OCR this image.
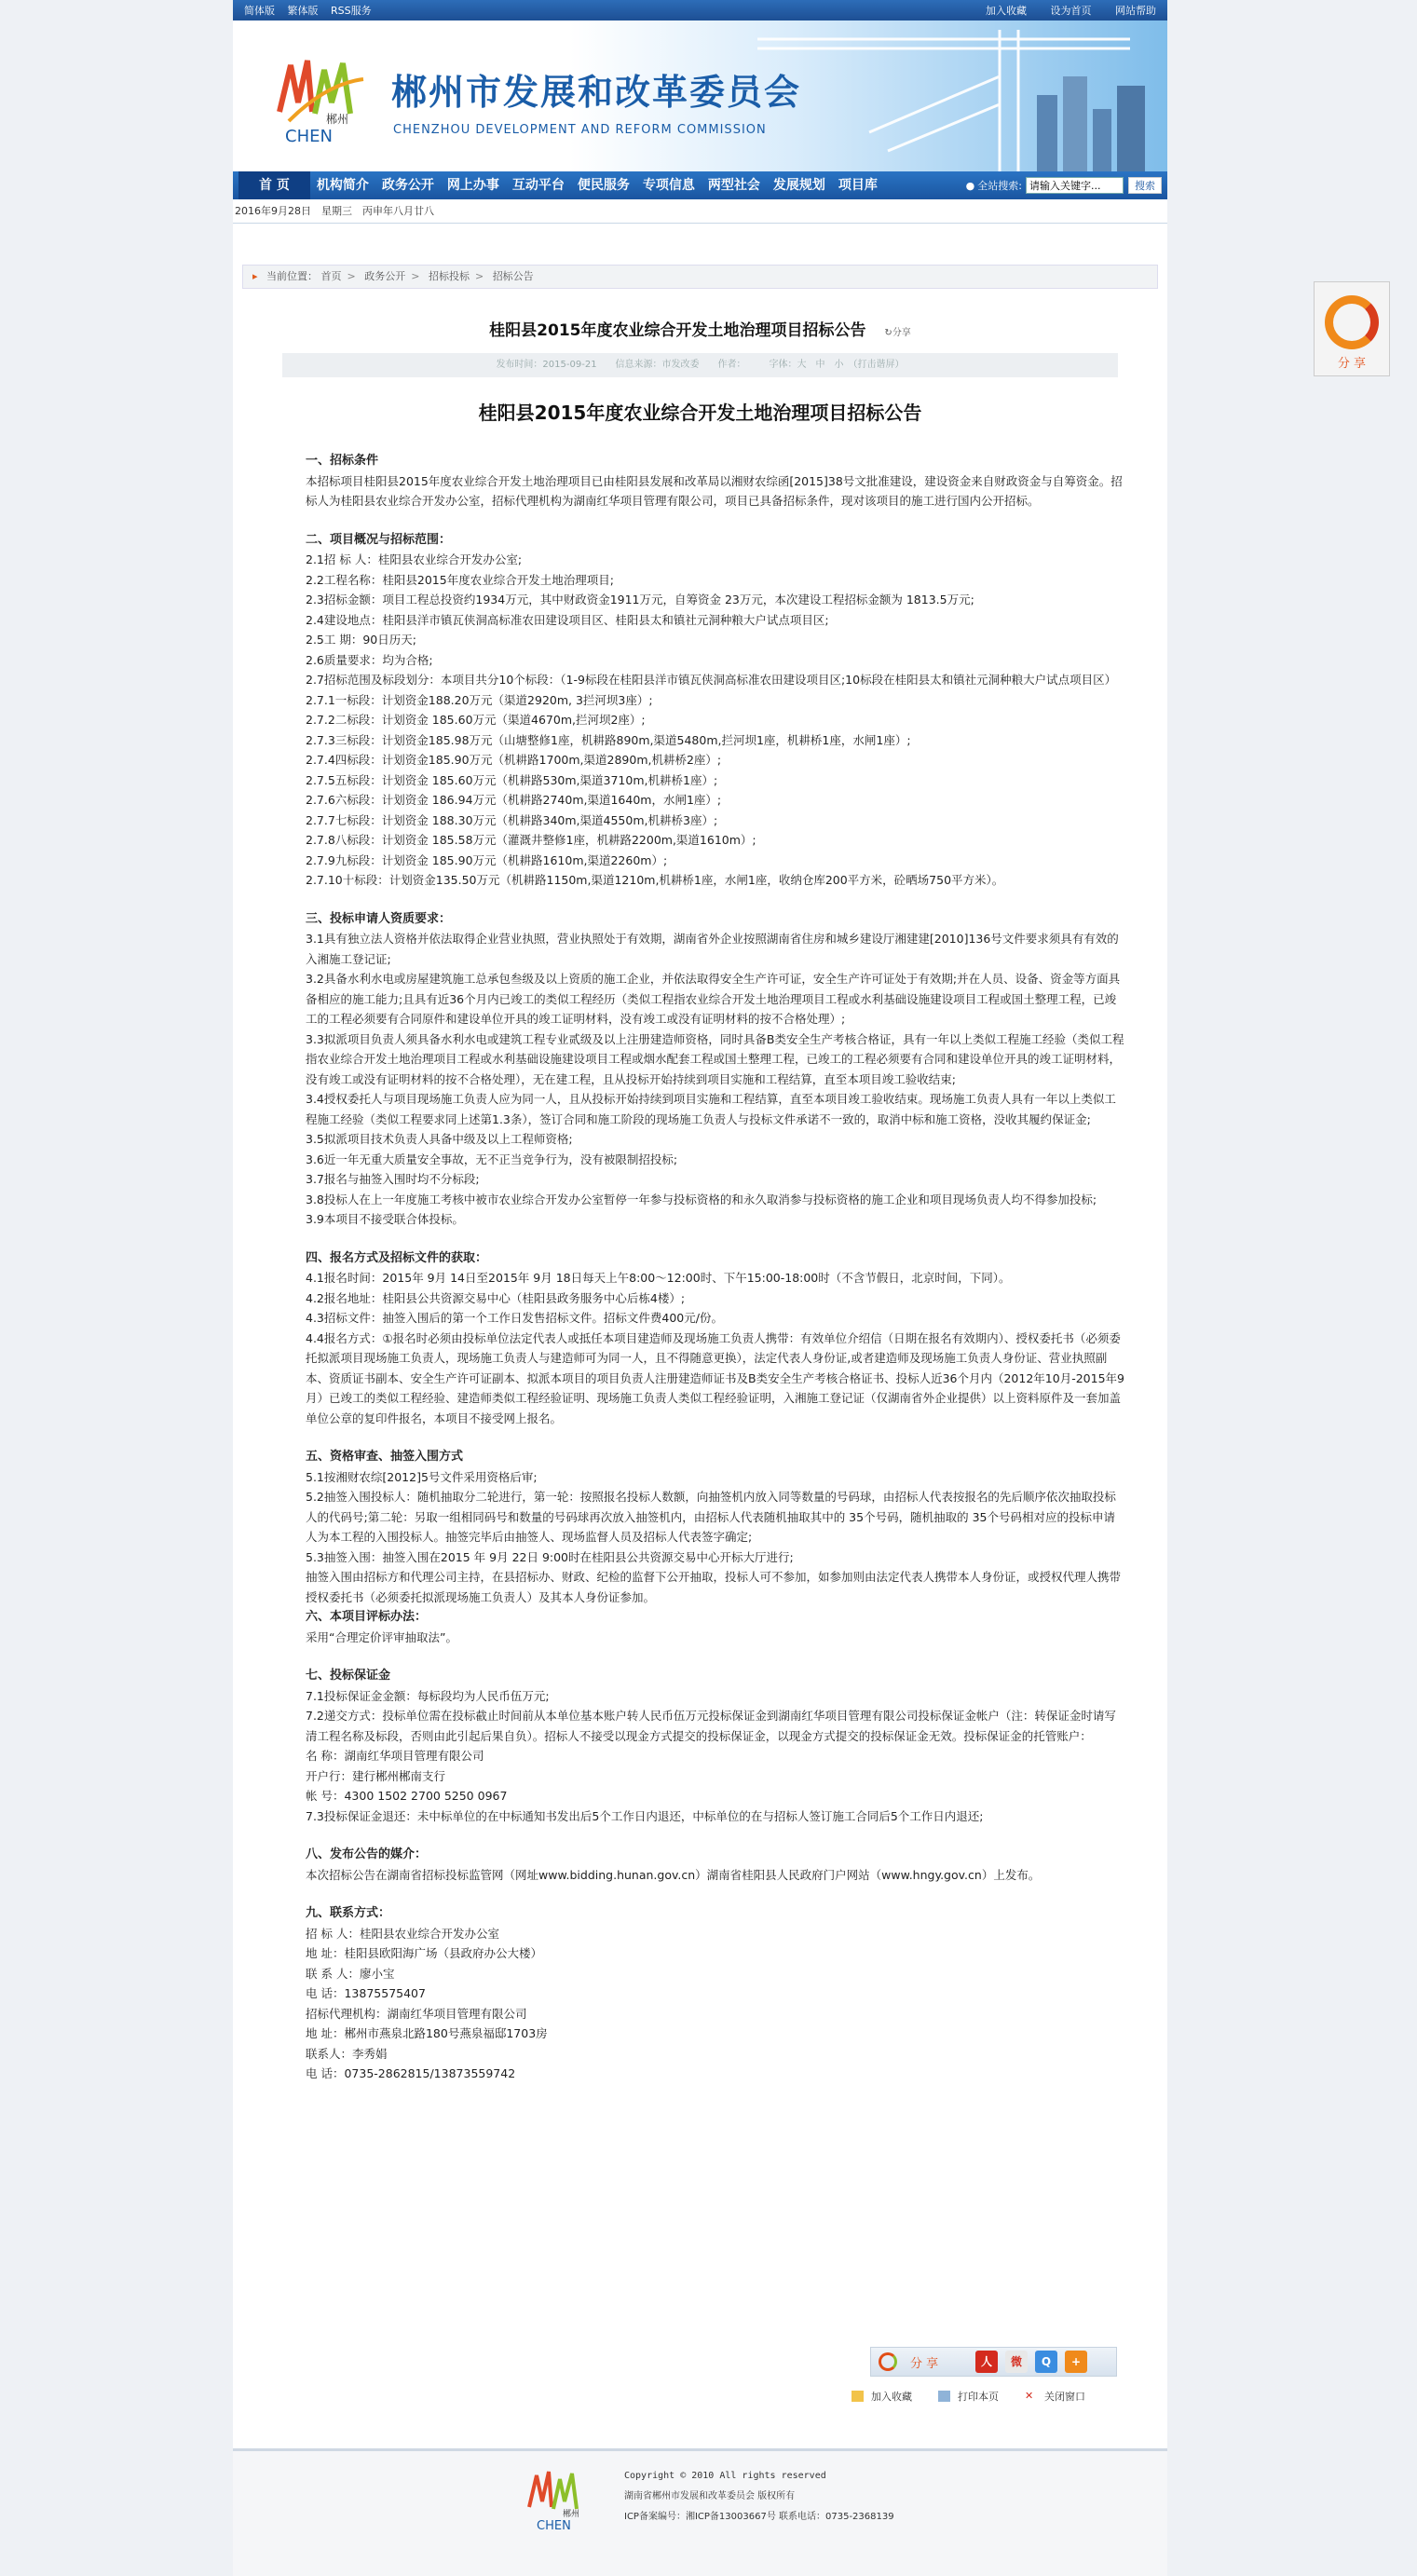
简体版 繁体版 RSS服务	加入收藏 设为首页 网站帮助
郴州
CHEN
郴州市发展和改革委员会
CHENZHOU DEVELOPMENT AND REFORM COMMISSION
首 页	机构简介	政务公开	网上办事	互动平台	便民服务	专项信息	两型社会	发展规划	项目库	● 全站搜索:
请输入关键字...	搜索
2016年9月28日　星期三　丙申年八月廿八
▸ 当前位置： 首页 > 政务公开 > 招标投标 > 招标公告
桂阳县2015年度农业综合开发土地治理项目招标公告 ↻分享
发布时间：2015-09-21　　信息来源：市发改委　　作者：　　　字体：大　中　小　（打击谐屏）
桂阳县2015年度农业综合开发土地治理项目招标公告

一、招标条件

本招标项目桂阳县2015年度农业综合开发土地治理项目已由桂阳县发展和改革局以湘财农综函[2015]38号文批准建设，建设资金来自财政资金与自筹资金。招标人为桂阳县农业综合开发办公室，招标代理机构为湖南红华项目管理有限公司，项目已具备招标条件，现对该项目的施工进行国内公开招标。

二、项目概况与招标范围：

2.1招 标 人：桂阳县农业综合开发办公室;

2.2工程名称：桂阳县2015年度农业综合开发土地治理项目;

2.3招标金额：项目工程总投资约1934万元，其中财政资金1911万元，自筹资金 23万元，本次建设工程招标金额为 1813.5万元;

2.4建设地点：桂阳县洋市镇瓦侠洞高标准农田建设项目区、桂阳县太和镇社元洞种粮大户试点项目区;

2.5工 期：90日历天;

2.6质量要求：均为合格;

2.7招标范围及标段划分：本项目共分10个标段：（1-9标段在桂阳县洋市镇瓦侠洞高标准农田建设项目区;10标段在桂阳县太和镇社元洞种粮大户试点项目区）

2.7.1一标段：计划资金188.20万元（渠道2920m, 3拦河坝3座）;

2.7.2二标段：计划资金 185.60万元（渠道4670m,拦河坝2座）;

2.7.3三标段：计划资金185.98万元（山塘整修1座，机耕路890m,渠道5480m,拦河坝1座，机耕桥1座，水闸1座）;

2.7.4四标段：计划资金185.90万元（机耕路1700m,渠道2890m,机耕桥2座）;

2.7.5五标段：计划资金 185.60万元（机耕路530m,渠道3710m,机耕桥1座）;

2.7.6六标段：计划资金 186.94万元（机耕路2740m,渠道1640m，水闸1座）;

2.7.7七标段：计划资金 188.30万元（机耕路340m,渠道4550m,机耕桥3座）;

2.7.8八标段：计划资金 185.58万元（灌溉井整修1座，机耕路2200m,渠道1610m）;

2.7.9九标段：计划资金 185.90万元（机耕路1610m,渠道2260m）;

2.7.10十标段：计划资金135.50万元（机耕路1150m,渠道1210m,机耕桥1座，水闸1座，收纳仓库200平方米，砼晒场750平方米）。

三、投标申请人资质要求：

3.1具有独立法人资格并依法取得企业营业执照，营业执照处于有效期，湖南省外企业按照湖南省住房和城乡建设厅湘建建[2010]136号文件要求须具有有效的入湘施工登记证;

3.2具备水利水电或房屋建筑施工总承包叁级及以上资质的施工企业，并依法取得安全生产许可证，安全生产许可证处于有效期;并在人员、设备、资金等方面具备相应的施工能力;且具有近36个月内已竣工的类似工程经历（类似工程指农业综合开发土地治理项目工程或水利基础设施建设项目工程或国土整理工程，已竣工的工程必须要有合同原件和建设单位开具的竣工证明材料，没有竣工或没有证明材料的按不合格处理）;

3.3拟派项目负责人须具备水利水电或建筑工程专业贰级及以上注册建造师资格，同时具备B类安全生产考核合格证，具有一年以上类似工程施工经验（类似工程指农业综合开发土地治理项目工程或水利基础设施建设项目工程或烟水配套工程或国土整理工程，已竣工的工程必须要有合同和建设单位开具的竣工证明材料，没有竣工或没有证明材料的按不合格处理），无在建工程，且从投标开始持续到项目实施和工程结算，直至本项目竣工验收结束;

3.4授权委托人与项目现场施工负责人应为同一人，且从投标开始持续到项目实施和工程结算，直至本项目竣工验收结束。现场施工负责人具有一年以上类似工程施工经验（类似工程要求同上述第1.3条），签订合同和施工阶段的现场施工负责人与投标文件承诺不一致的，取消中标和施工资格，没收其履约保证金;

3.5拟派项目技术负责人具备中级及以上工程师资格;

3.6近一年无重大质量安全事故，无不正当竞争行为，没有被限制招投标;

3.7报名与抽签入围时均不分标段;

3.8投标人在上一年度施工考核中被市农业综合开发办公室暂停一年参与投标资格的和永久取消参与投标资格的施工企业和项目现场负责人均不得参加投标;

3.9本项目不接受联合体投标。

四、报名方式及招标文件的获取：

4.1报名时间：2015年 9月 14日至2015年 9月 18日每天上午8:00～12:00时、下午15:00-18:00时（不含节假日，北京时间，下同）。

4.2报名地址：桂阳县公共资源交易中心（桂阳县政务服务中心后栋4楼）;

4.3招标文件：抽签入围后的第一个工作日发售招标文件。招标文件费400元/份。

4.4报名方式：①报名时必须由投标单位法定代表人或抵任本项目建造师及现场施工负责人携带：有效单位介绍信（日期在报名有效期内）、授权委托书（必须委托拟派项目现场施工负责人，现场施工负责人与建造师可为同一人，且不得随意更换），法定代表人身份证,或者建造师及现场施工负责人身份证、营业执照副本、资质证书副本、安全生产许可证副本、拟派本项目的项目负责人注册建造师证书及B类安全生产考核合格证书、投标人近36个月内（2012年10月-2015年9月）已竣工的类似工程经验、建造师类似工程经验证明、现场施工负责人类似工程经验证明，入湘施工登记证（仅湖南省外企业提供）以上资料原件及一套加盖单位公章的复印件报名，本项目不接受网上报名。

五、资格审查、抽签入围方式

5.1按湘财农综[2012]5号文件采用资格后审;

5.2抽签入围投标人：随机抽取分二轮进行，第一轮：按照报名投标人数额，向抽签机内放入同等数量的号码球，由招标人代表按报名的先后顺序依次抽取投标人的代码号;第二轮：另取一组相同码号和数量的号码球再次放入抽签机内，由招标人代表随机抽取其中的 35个号码，随机抽取的 35个号码相对应的投标申请人为本工程的入围投标人。抽签完毕后由抽签人、现场监督人员及招标人代表签字确定;

5.3抽签入围：抽签入围在2015 年 9月 22日 9:00时在桂阳县公共资源交易中心开标大厅进行;

抽签入围由招标方和代理公司主持，在县招标办、财政、纪检的监督下公开抽取，投标人可不参加，如参加则由法定代表人携带本人身份证，或授权代理人携带授权委托书（必须委托拟派现场施工负责人）及其本人身份证参加。

六、本项目评标办法：

采用“合理定价评审抽取法”。

七、投标保证金

7.1投标保证金金额：每标段均为人民币伍万元;

7.2递交方式：投标单位需在投标截止时间前从本单位基本账户转人民币伍万元投标保证金到湖南红华项目管理有限公司投标保证金帐户（注：转保证金时请写清工程名称及标段，否则由此引起后果自负）。招标人不接受以现金方式提交的投标保证金，以现金方式提交的投标保证金无效。投标保证金的托管账户：

名 称：湖南红华项目管理有限公司

开户行：建行郴州郴南支行

帐 号：4300 1502 2700 5250 0967

7.3投标保证金退还：未中标单位的在中标通知书发出后5个工作日内退还，中标单位的在与招标人签订施工合同后5个工作日内退还;

八、发布公告的媒介：

本次招标公告在湖南省招标投标监管网（网址www.bidding.hunan.gov.cn）湖南省桂阳县人民政府门户网站（www.hngy.gov.cn）上发布。

九、联系方式：

招 标 人：桂阳县农业综合开发办公室

地 址：桂阳县欧阳海广场（县政府办公大楼）

联 系 人：廖小宝

电 话：13875575407

招标代理机构：湖南红华项目管理有限公司

地 址：郴州市燕泉北路180号燕泉福邸1703房

联系人：李秀娟

电 话：0735-2862815/13873559742

分 享	人	微	Q	+
加入收藏	打印本页	✕	关闭窗口
郴州
CHEN
Copyright © 2010 All rights reserved
湖南省郴州市发展和改革委员会 版权所有
ICP备案编号：湘ICP备13003667号 联系电话：0735-2368139
分 享
